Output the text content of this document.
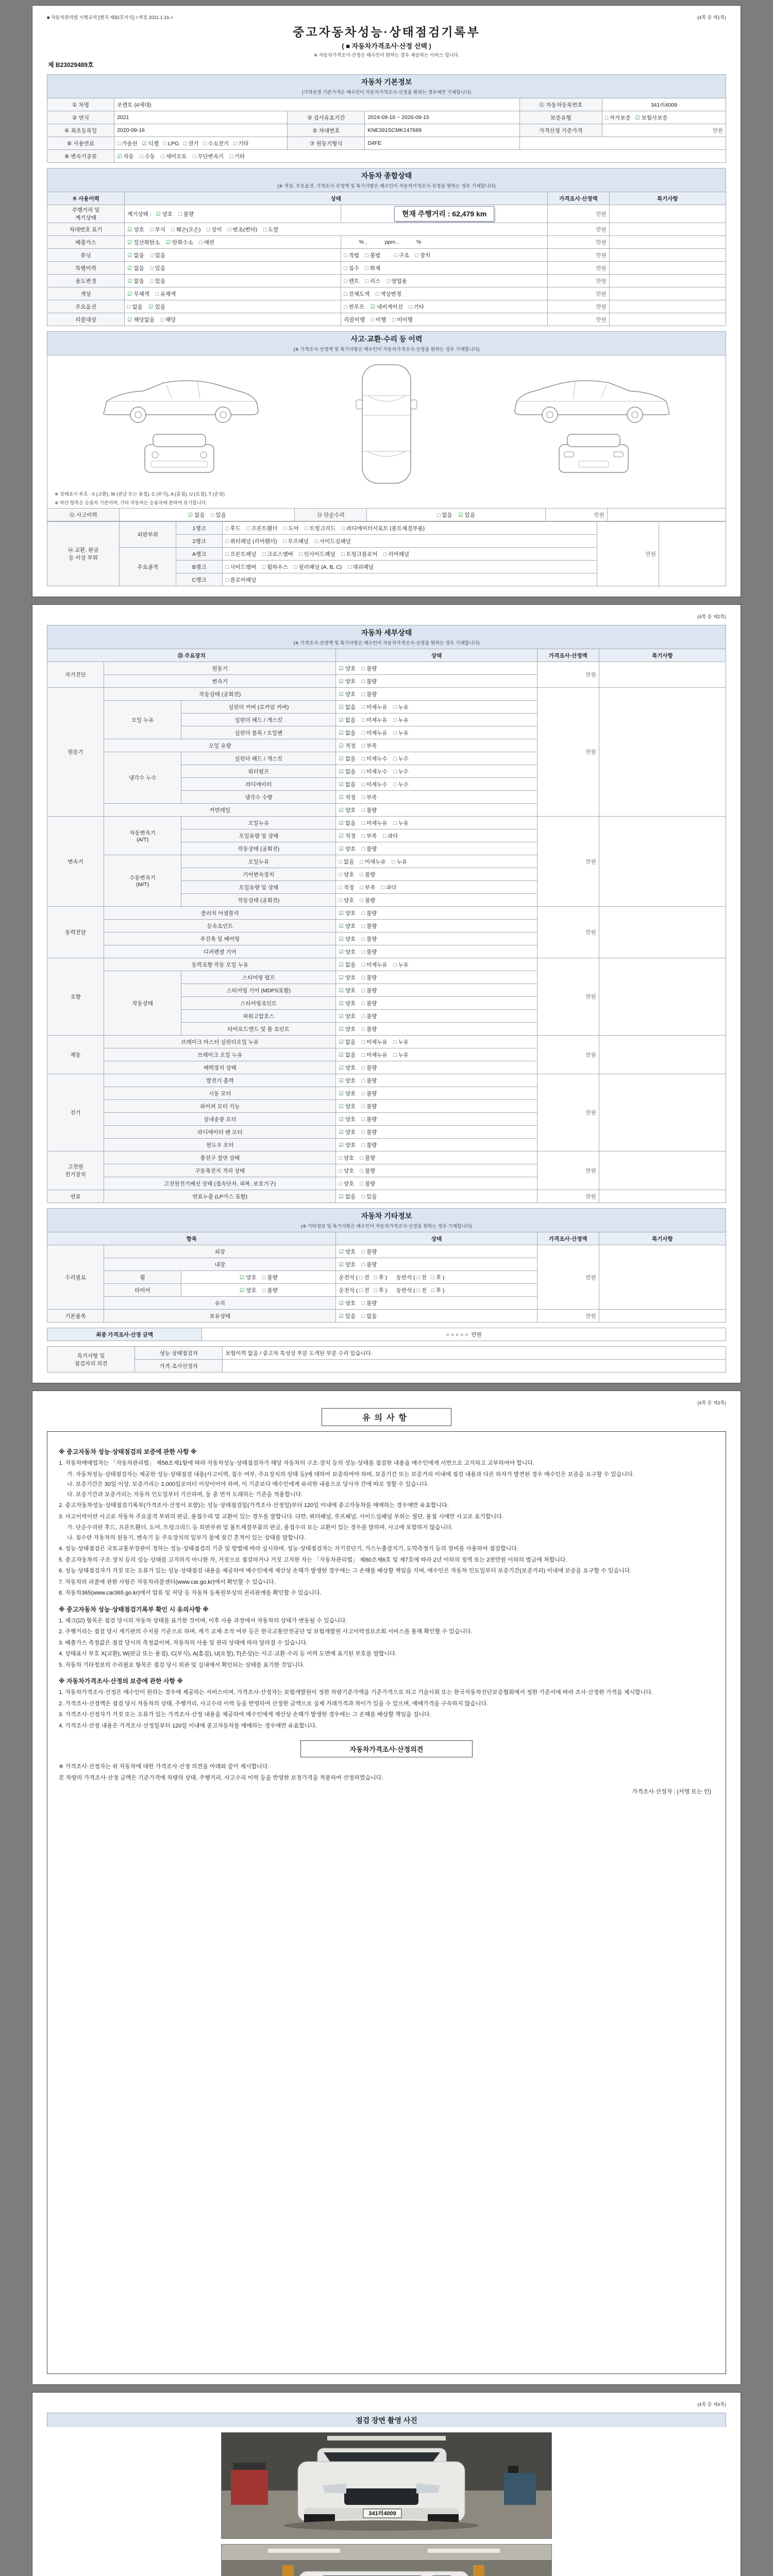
■ 자동차관리법 시행규칙 [별지 제82호서식] <개정 2021.1.16.>	(4쪽 중 제1쪽)
중고자동차성능·상태점검기록부

( ■ 자동차가격조사·산정 선택 )

※ 자동차가격조사·산정은 매수인이 원하는 경우 제공하는 서비스 입니다.

제 B23029489호
자동차 기본정보
(가격산정 기준가격은 매수인이 자동차가격조사·산정을 원하는 경우에만 기재합니다)
① 차명	쏘렌토 (4세대)			⑪ 자동차등록번호	341러4009
② 연식	2021	③ 검사유효기간	2024-09-16 ~ 2026-09-15	보증유형	□ 자가보증   ☑ 보험사보증
④ 최초등록일	2020-09-16	⑤ 차대번호	KNE391SCMK147689	가격산정 기준가격	만원
⑥ 사용연료	□ 가솔린   ☑ 디젤   □ LPG   □ 전기   □ 수소전기   □ 기타	⑦ 원동기형식	D4FE		
⑧ 변속기종류	☑ 자동    □ 수동    □ 세미오토    □ 무단변속기    □ 기타				
자동차 종합상태
(※ 색상, 주요옵션, 가격조사·산정액 및 특기사항은 매수인이 자동차가격조사·산정을 원하는 경우 기재합니다)
⑨ 사용이력	상태		가격조사·산정액	특기사항
주행거리 및
계기상태	계기상태 :   ☑ 양호    □ 불량	현재 주행거리 : 62,479 km	만원	
차대번호 표기	☑ 양호    □ 부식    □ 훼손(오손)    □ 상이    □ 변조(변타)    □ 도말		만원	
배출가스	☑ 일산화탄소    ☑ 탄화수소    □ 매연	% ,            ppm ,            %	만원	
튜닝	☑ 없음    □ 있음	□ 적법    □ 불법         □ 구조    □ 장치	만원	
특별이력	☑ 없음    □ 있음	□ 침수    □ 화재	만원	
용도변경	☑ 없음    □ 있음	□ 렌트    □ 리스    □ 영업용	만원	
색상	☑ 무채색    □ 유채색	□ 전체도색    □ 색상변경	만원	
주요옵션	□ 없음    ☑ 있음	□ 썬루프    ☑ 네비게이션    □ 기타	만원	
리콜대상	☑ 해당없음    □ 해당	리콜이행    □ 이행    □ 미이행	만원	
사고·교환·수리 등 이력
(※ 가격조사·산정액 및 특기사항은 매수인이 자동차가격조사·산정을 원하는 경우 기재합니다)
※ 상태표시 부호 : X (교환), W (판금 또는 용접), C (부식), A (흠집), U (요철), T (손상)
※ 하단 항목은 승용차 기준이며, 기타 자동차는 승용차에 준하여 표기합니다.
⑫ 사고이력	☑ 없음    □ 있음	⑬ 단순수리	□ 없음    ☑ 있음	만원	
⑭ 교환, 판금
등 이상 부위	외판부위	1랭크	□ 후드    □ 프론트휀더    □ 도어    □ 트렁크리드    □ 라디에이터서포트 (볼트체결부품)	만원	
		2랭크	□ 쿼터패널 (리어휀더)    □ 루프패널    □ 사이드실패널		
	주요골격	A랭크	□ 프론트패널    □ 크로스멤버    □ 인사이드패널    □ 트렁크플로어    □ 리어패널		
		B랭크	□ 사이드멤버    □ 휠하우스    □ 필러패널 (A, B, C)    □ 대쉬패널		
		C랭크	□ 플로어패널		
(4쪽 중 제2쪽)
자동차 세부상태
(※ 가격조사·산정액 및 특기사항은 매수인이 자동차가격조사·산정을 원하는 경우 기재합니다)
⑮ 주요장치			상태	가격조사·산정액	특기사항
자기진단	원동기		☑ 양호    □ 불량	만원	
	변속기		☑ 양호    □ 불량		
원동기	작동상태 (공회전)		☑ 양호    □ 불량	만원	
	오일 누유	실린더 커버 (로커암 커버)	☑ 없음    □ 미세누유    □ 누유		
		실린더 헤드 / 개스킷	☑ 없음    □ 미세누유    □ 누유		
		실린더 블록 / 오일팬	☑ 없음    □ 미세누유    □ 누유		
	오일 유량		☑ 적정    □ 부족		
	냉각수 누수	실린더 헤드 / 개스킷	☑ 없음    □ 미세누수    □ 누수		
		워터펌프	☑ 없음    □ 미세누수    □ 누수		
		라디에이터	☑ 없음    □ 미세누수    □ 누수		
		냉각수 수량	☑ 적정    □ 부족		
	커먼레일		☑ 양호    □ 불량		
변속기	자동변속기
(A/T)	오일누유	☑ 없음    □ 미세누유    □ 누유	만원	
		오일유량 및 상태	☑ 적정    □ 부족    □ 과다		
		작동상태 (공회전)	☑ 양호    □ 불량		
	수동변속기
(M/T)	오일누유	□ 없음    □ 미세누유    □ 누유		
		기어변속장치	□ 양호    □ 불량		
		오일유량 및 상태	□ 적정    □ 부족    □ 과다		
		작동상태 (공회전)	□ 양호    □ 불량		
동력전달	클러치 어셈블리		☑ 양호    □ 불량	만원	
	등속조인트		☑ 양호    □ 불량		
	추진축 및 베어링		☑ 양호    □ 불량		
	디퍼렌셜 기어		☑ 양호    □ 불량		
조향	동력조향 작동 오일 누유		☑ 없음    □ 미세누유    □ 누유	만원	
	작동상태	스티어링 펌프	☑ 양호    □ 불량		
		스티어링 기어 (MDPS포함)	☑ 양호    □ 불량		
		스티어링조인트	☑ 양호    □ 불량		
		파워고압호스	☑ 양호    □ 불량		
		타이로드엔드 및 볼 조인트	☑ 양호    □ 불량		
제동	브레이크 마스터 실린더오일 누유		☑ 없음    □ 미세누유    □ 누유	만원	
	브레이크 오일 누유		☑ 없음    □ 미세누유    □ 누유		
	배력장치 상태		☑ 양호    □ 불량		
전기	발전기 출력		☑ 양호    □ 불량	만원	
	시동 모터		☑ 양호    □ 불량		
	와이퍼 모터 기능		☑ 양호    □ 불량		
	실내송풍 모터		☑ 양호    □ 불량		
	라디에이터 팬 모터		☑ 양호    □ 불량		
	윈도우 모터		☑ 양호    □ 불량		
고전원
전기장치	충전구 절연 상태		□ 양호    □ 불량	만원	
	구동축전지 격리 상태		□ 양호    □ 불량		
	고전원전기배선 상태 (접속단자, 피복, 보호기구)		□ 양호    □ 불량		
연료	연료누출 (LP가스 포함)		☑ 없음    □ 있음	만원	
자동차 기타정보
(※ 기타정보 및 특기사항은 매수인이 자동차가격조사·산정을 원하는 경우 기재합니다)
항목			상태	가격조사·산정액	특기사항
수리필요	외장		☑ 양호    □ 불량	만원	
	내장		☑ 양호    □ 불량		
	휠	☑ 양호    □ 불량	운전석 ( □ 전   □ 후 )      동반석 ( □ 전   □ 후 )		
	타이어	☑ 양호    □ 불량	운전석 ( □ 전   □ 후 )      동반석 ( □ 전   □ 후 )		
	유리		☑ 양호    □ 불량		
기본품목	보유상태		☑ 있음    □ 없음	만원	
최종 가격조사·산정 금액	○ ○ ○ ○ ○  만원
특기사항 및
점검자의 의견	성능·상태점검자	보험이력 없음 / 중고차 특성상 부분 도색된 부분 수리 있습니다.
	가격·조사산정자	
(4쪽 중 제3쪽)
유의사항
※ 중고자동차 성능·상태점검의 보증에 관한 사항 ※
1. 자동차매매업자는 「자동차관리법」 제58조제1항에 따라 자동차성능·상태점검자가 해당 자동차의 구조·장치 등의 성능·상태를 점검한 내용을 매수인에게 서면으로 고지하고 교부하여야 합니다.
가. 자동차성능·상태점검자는 제공한 성능·상태점검 내용(사고이력, 침수 여부, 주요장치의 상태 등)에 대하여 보증하여야 하며, 보증기간 또는 보증거리 이내에 점검 내용과 다른 하자가 발견된 경우 매수인은 보증을 요구할 수 있습니다.
나. 보증기간은 30일 이상, 보증거리는 2,000킬로미터 이상이어야 하며, 이 기준보다 매수인에게 유리한 내용으로 당사자 간에 따로 정할 수 있습니다.
다. 보증기간과 보증거리는 자동차 인도일부터 기산하며, 둘 중 먼저 도래하는 기준을 적용합니다.
2. 중고자동차성능·상태점검기록부(가격조사·산정서 포함)는 성능·상태점검일(가격조사·산정일)부터 120일 이내에 중고자동차를 매매하는 경우에만 유효합니다.
3. 사고이력이란 사고로 자동차 주요골격 부위의 판금, 용접수리 및 교환이 있는 경우를 말합니다. 다만, 쿼터패널, 루프패널, 사이드실패널 부위는 절단, 용접 시에만 사고로 표기합니다.
가. 단순수리란 후드, 프론트휀더, 도어, 트렁크리드 등 외판부위 및 볼트체결부품의 판금, 용접수리 또는 교환이 있는 경우를 말하며, 사고에 포함하지 않습니다.
나. 침수란 자동차의 원동기, 변속기 등 주요장치의 일부가 물에 잠긴 흔적이 있는 상태를 말합니다.
4. 성능·상태점검은 국토교통부장관이 정하는 성능·상태점검의 기준 및 방법에 따라 실시하며, 성능·상태점검자는 자기진단기, 가스누출감지기, 도막측정기 등의 장비를 사용하여 점검합니다.
5. 중고자동차의 구조·장치 등의 성능·상태를 고지하지 아니한 자, 거짓으로 점검하거나 거짓 고지한 자는 「자동차관리법」 제80조제6호 및 제7호에 따라 2년 이하의 징역 또는 2천만원 이하의 벌금에 처합니다.
6. 성능·상태점검자가 거짓 또는 오류가 있는 성능·상태점검 내용을 제공하여 매수인에게 재산상 손해가 발생한 경우에는 그 손해를 배상할 책임을 지며, 매수인은 자동차 인도일부터 보증기간(보증거리) 이내에 보증을 요구할 수 있습니다.
7. 자동차의 리콜에 관한 사항은 자동차리콜센터(www.car.go.kr)에서 확인할 수 있습니다.
8. 자동차365(www.car365.go.kr)에서 압류 및 저당 등 자동차 등록원부상의 권리관계를 확인할 수 있습니다.
※ 중고자동차 성능·상태점검기록부 확인 시 유의사항 ※
1. 체크(☑) 항목은 점검 당시의 자동차 상태를 표기한 것이며, 이후 사용 과정에서 자동차의 상태가 변동될 수 있습니다.
2. 주행거리는 점검 당시 계기판의 수치를 기준으로 하며, 계기 교체·조작 여부 등은 한국교통안전공단 및 보험개발원 사고이력정보조회 서비스를 통해 확인할 수 있습니다.
3. 배출가스 측정값은 점검 당시의 측정값이며, 자동차의 사용 및 관리 상태에 따라 달라질 수 있습니다.
4. 상태표시 부호 X(교환), W(판금 또는 용접), C(부식), A(흠집), U(요철), T(손상)는 사고·교환·수리 등 이력 도면에 표기된 부호를 말합니다.
5. 자동차 기타정보의 수리필요 항목은 점검 당시 외관 및 실내에서 확인되는 상태를 표기한 것입니다.
※ 자동차가격조사·산정의 보증에 관한 사항 ※
1. 자동차가격조사·산정은 매수인이 원하는 경우에 제공하는 서비스이며, 가격조사·산정자는 보험개발원이 정한 차량기준가액을 기준가격으로 하고 기술사회 또는 한국자동차진단보증협회에서 정한 기준서에 따라 조사·산정한 가격을 제시합니다.
2. 가격조사·산정액은 점검 당시 자동차의 상태, 주행거리, 사고수리 이력 등을 반영하여 산정한 금액으로 실제 거래가격과 차이가 있을 수 있으며, 매매가격을 구속하지 않습니다.
3. 가격조사·산정자가 거짓 또는 오류가 있는 가격조사·산정 내용을 제공하여 매수인에게 재산상 손해가 발생한 경우에는 그 손해를 배상할 책임을 집니다.
4. 가격조사·산정 내용은 가격조사·산정일부터 120일 이내에 중고자동차를 매매하는 경우에만 유효합니다.
자동차가격조사·산정의견
※ 가격조사·산정자는 위 자동차에 대한 가격조사·산정 의견을 아래와 같이 제시합니다.
본 차량의 가격조사·산정 금액은 기준가격에 차량의 상태, 주행거리, 사고수리 이력 등을 반영한 보정가격을 적용하여 산정하였습니다.
가격조사·산정자 : (서명 또는 인)
(4쪽 중 제4쪽)
점검 장면 촬영 사진
341러4009
